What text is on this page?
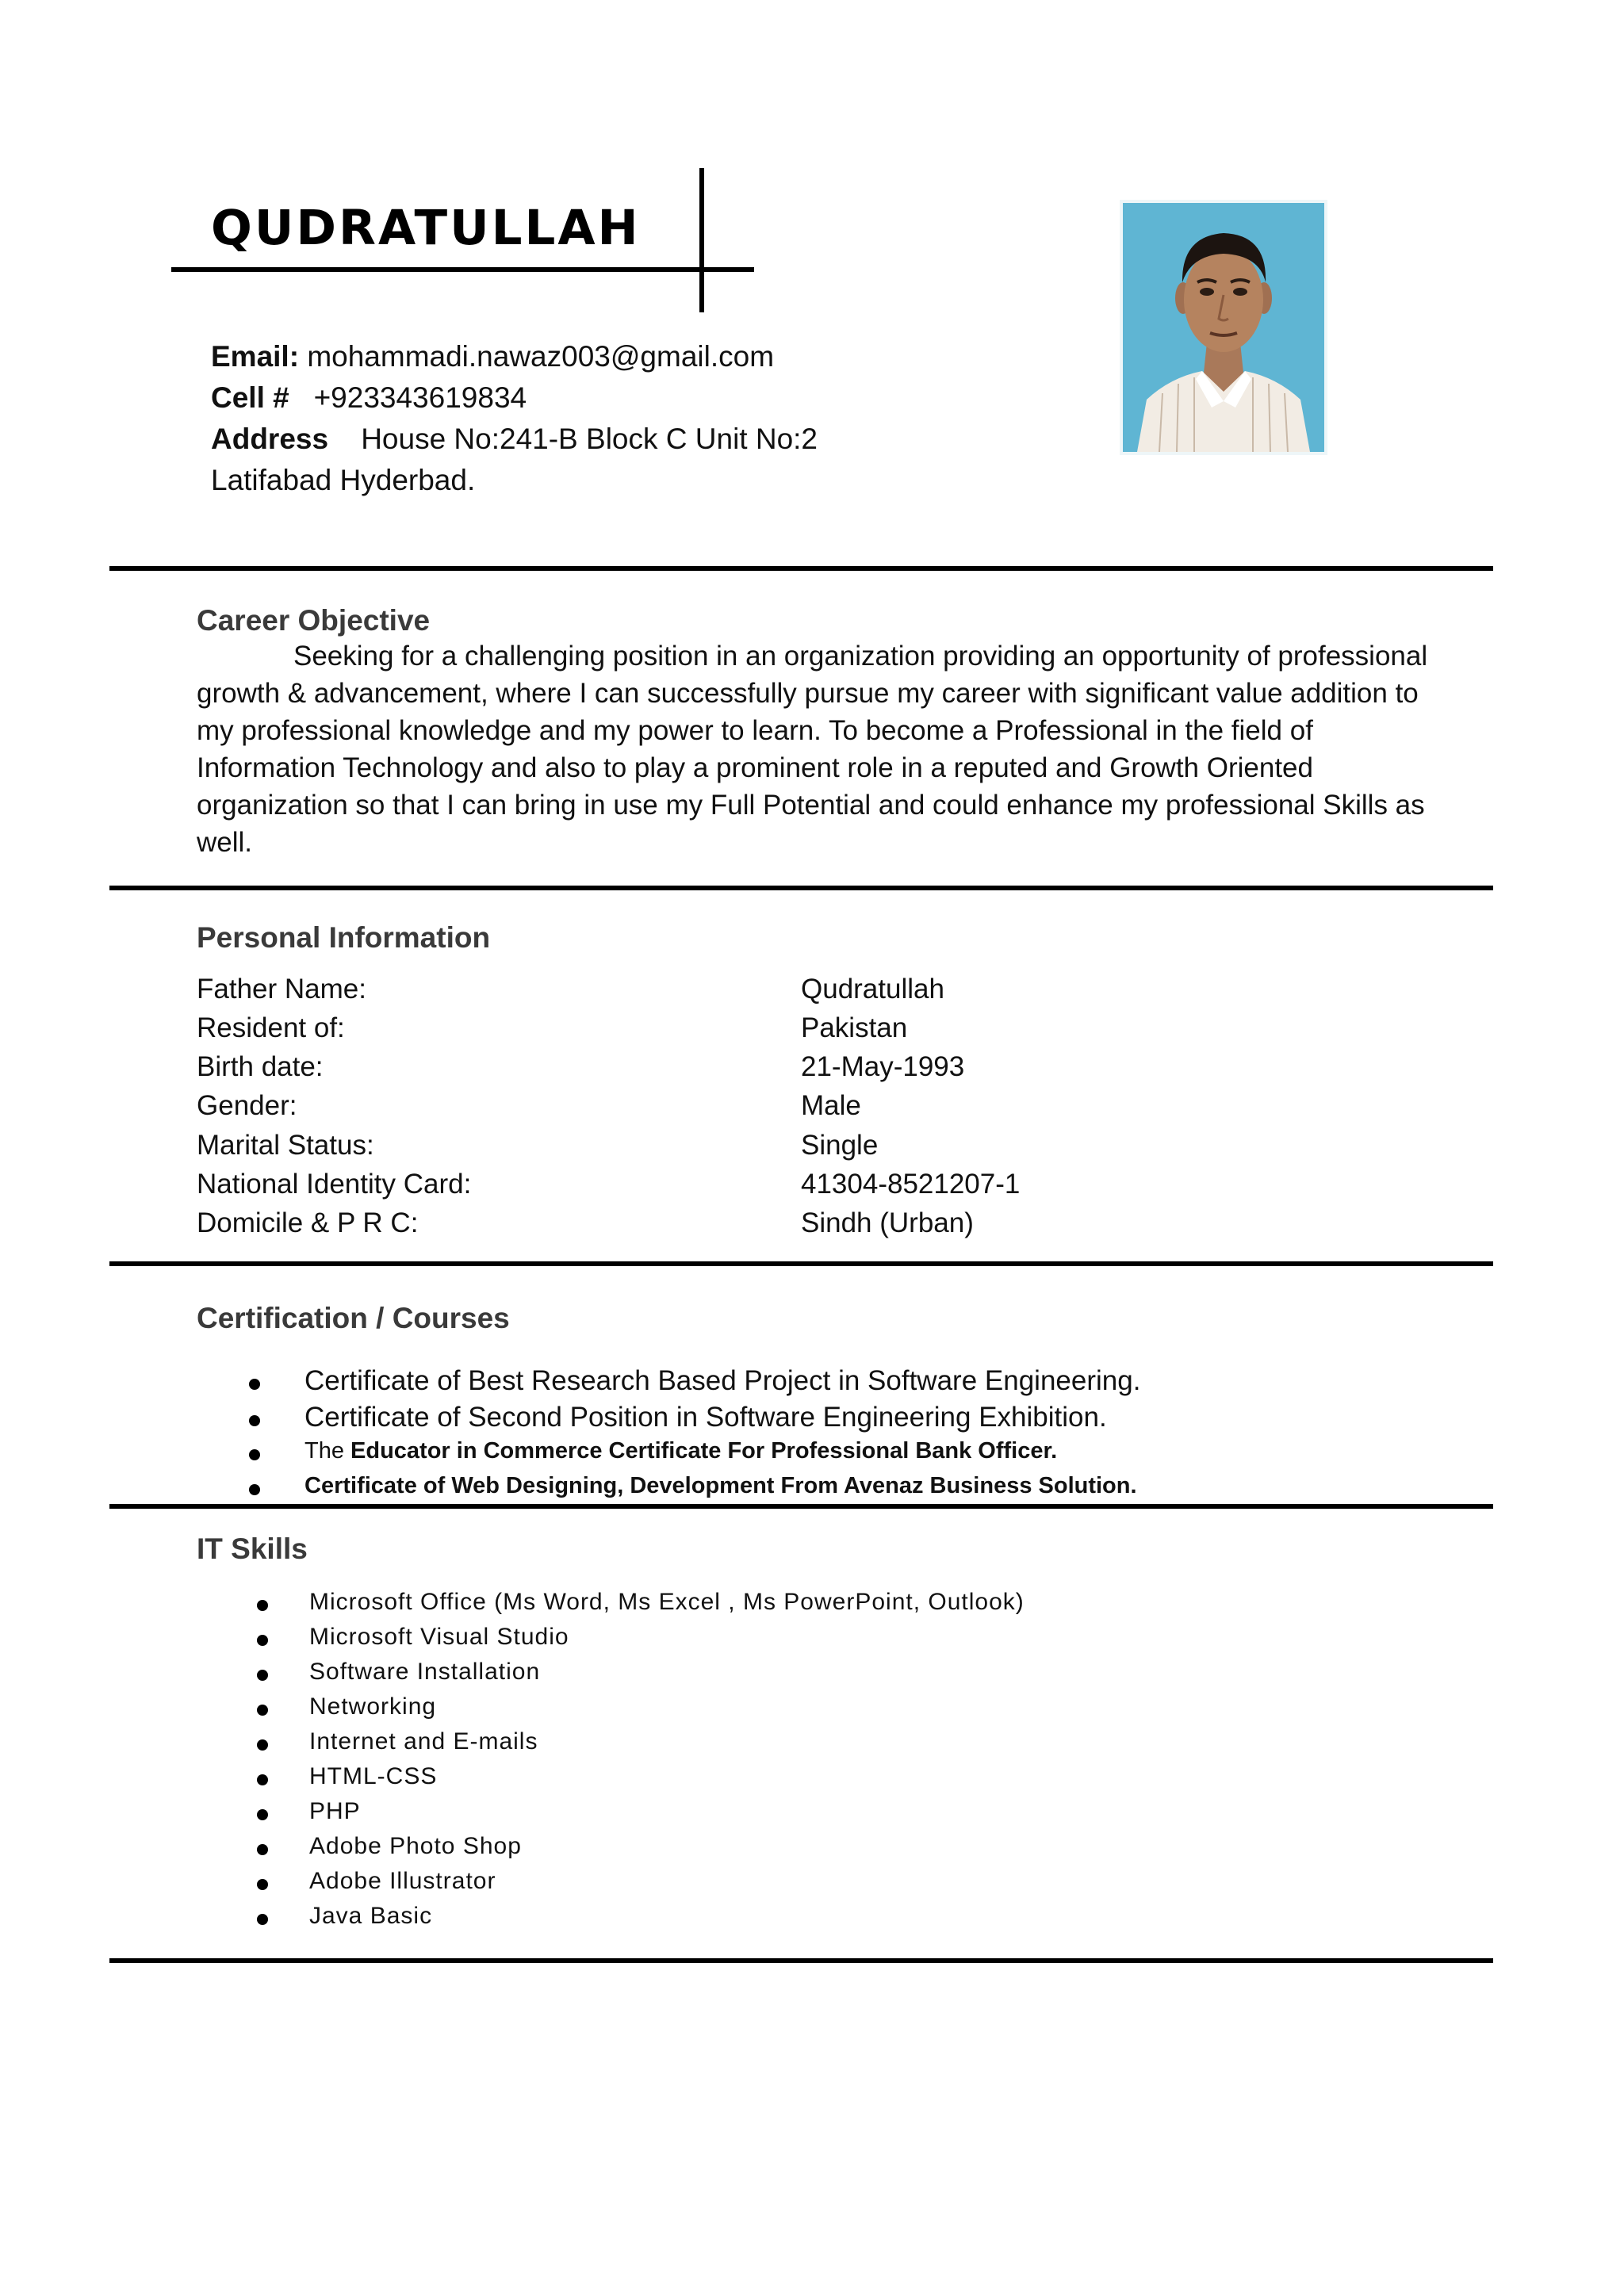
QUDRATULLAH
Email: mohammadi.nawaz003@gmail.com
Cell # +923343619834
Address House No:241-B Block C Unit No:2
Latifabad Hyderbad.
Career Objective
Seeking for a challenging position in an organization providing an opportunity of professional growth & advancement, where I can successfully pursue my career with significant value addition to my professional knowledge and my power to learn. To become a Professional in the field of Information Technology and also to play a prominent role in a reputed and Growth Oriented organization so that I can bring in use my Full Potential and could enhance my professional Skills as well.
Personal Information
Father Name:	Qudratullah
Resident of:	Pakistan
Birth date:	21-May-1993
Gender:	Male
Marital Status:	Single
National Identity Card:	41304-8521207-1
Domicile & P R C:	Sindh (Urban)
Certification / Courses
Certificate of Best Research Based Project in Software Engineering.
Certificate of Second Position in Software Engineering Exhibition.
The Educator in Commerce Certificate For Professional Bank Officer.
Certificate of Web Designing, Development From Avenaz Business Solution.
IT Skills
Microsoft Office (Ms Word, Ms Excel , Ms PowerPoint, Outlook)
Microsoft Visual Studio
Software Installation
Networking
Internet and E-mails
HTML-CSS
PHP
Adobe Photo Shop
Adobe Illustrator
Java Basic
